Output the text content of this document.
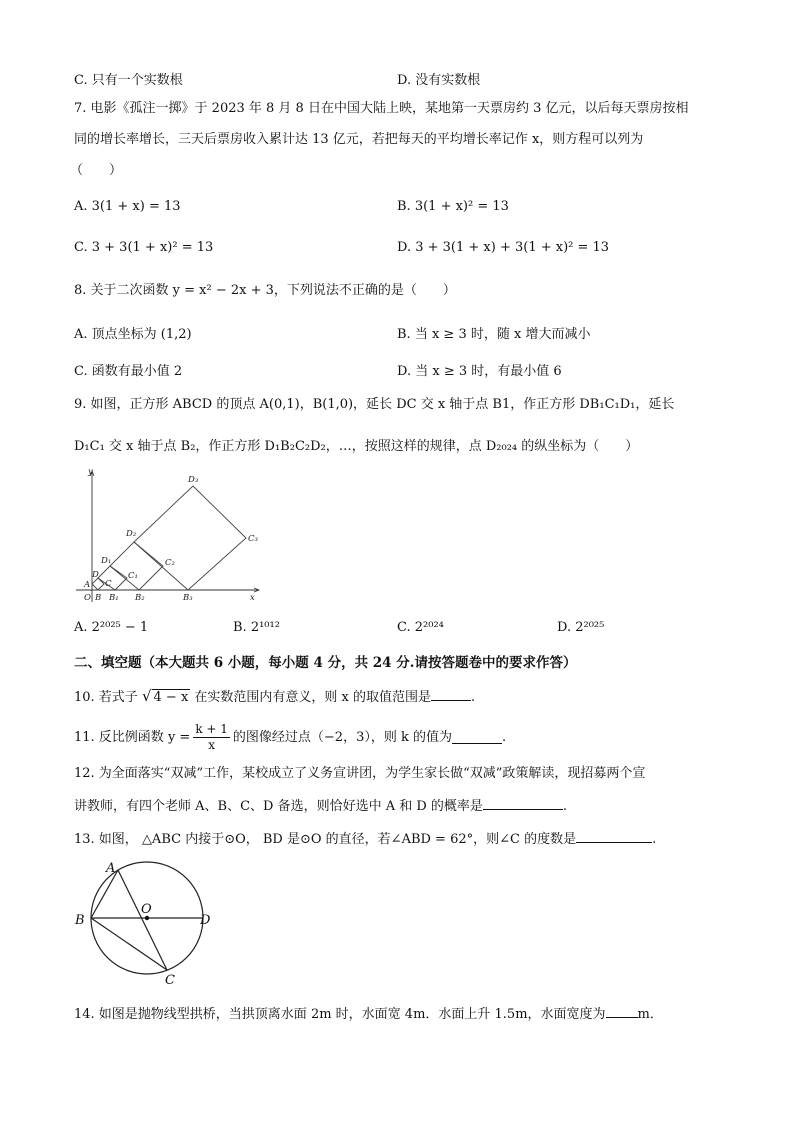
C. 只有一个实数根	D. 没有实数根
7. 电影《孤注一掷》于 2023 年 8 月 8 日在中国大陆上映，某地第一天票房约 3 亿元，以后每天票房按相
同的增长率增长，三天后票房收入累计达 13 亿元，若把每天的平均增长率记作 x，则方程可以列为
（　　）
A. 3(1 + x) = 13	B. 3(1 + x)² = 13
C. 3 + 3(1 + x)² = 13	D. 3 + 3(1 + x) + 3(1 + x)² = 13
8. 关于二次函数 y = x² − 2x + 3，下列说法不正确的是（　　）
A. 顶点坐标为 (1,2)	B. 当 x ≥ 3 时，随 x 增大而减小
C. 函数有最小值 2	D. 当 x ≥ 3 时，有最小值 6
9. 如图，正方形 ABCD 的顶点 A(0,1)，B(1,0)，延长 DC 交 x 轴于点 B1，作正方形 DB₁C₁D₁，延长
D₁C₁ 交 x 轴于点 B₂，作正方形 D₁B₂C₂D₂，…，按照这样的规律，点 D₂₀₂₄ 的纵坐标为（　　）
y
x
O
A
B
C
D
B₁
C₁
D₁
B₂
C₂
D₂
B₃
C₃
D₃
A. 2²⁰²⁵ − 1	B. 2¹⁰¹²	C. 2²⁰²⁴	D. 2²⁰²⁵
二、填空题（本大题共 6 小题，每小题 4 分，共 24 分.请按答题卷中的要求作答）
10. 若式子 √ 4 − x 在实数范围内有意义，则 x 的取值范围是	.
11. 反比例函数 $y = \frac{k + 1}{x}$ 的图像经过点（−2，3），则 k 的值为	.
12. 为全面落实“双减”工作，某校成立了义务宣讲团，为学生家长做“双减”政策解读，现招募两个宣
讲教师，有四个老师 A、B、C、D 备选，则恰好选中 A 和 D 的概率是	.
13. 如图， △ABC 内接于⊙O， BD 是⊙O 的直径，若∠ABD = 62°，则∠C 的度数是	.
A
B
C
D
O
14. 如图是抛物线型拱桥，当拱顶离水面 2m 时，水面宽 4m．水面上升 1.5m，水面宽度为 m．
